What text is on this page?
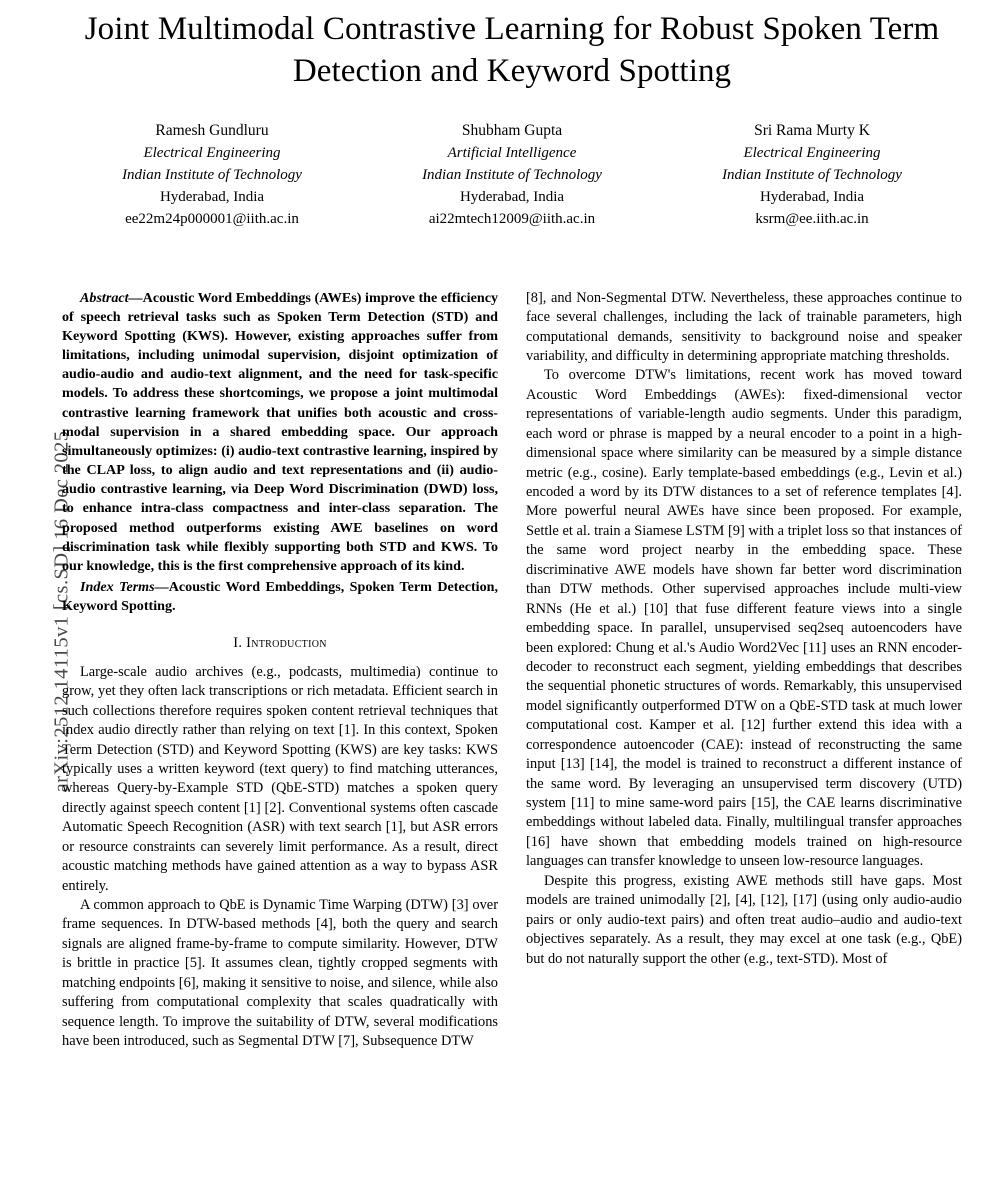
arXiv:2512.14115v1 [cs.SD] 16 Dec 2025
Joint Multimodal Contrastive Learning for Robust Spoken Term Detection and Keyword Spotting
Ramesh Gundluru
Electrical Engineering
Indian Institute of Technology
Hyderabad, India
ee22m24p000001@iith.ac.in
Shubham Gupta
Artificial Intelligence
Indian Institute of Technology
Hyderabad, India
ai22mtech12009@iith.ac.in
Sri Rama Murty K
Electrical Engineering
Indian Institute of Technology
Hyderabad, India
ksrm@ee.iith.ac.in
Abstract—Acoustic Word Embeddings (AWEs) improve the efficiency of speech retrieval tasks such as Spoken Term Detection (STD) and Keyword Spotting (KWS). However, existing approaches suffer from limitations, including unimodal supervision, disjoint optimization of audio-audio and audio-text alignment, and the need for task-specific models. To address these shortcomings, we propose a joint multimodal contrastive learning framework that unifies both acoustic and cross-modal supervision in a shared embedding space. Our approach simultaneously optimizes: (i) audio-text contrastive learning, inspired by the CLAP loss, to align audio and text representations and (ii) audio-audio contrastive learning, via Deep Word Discrimination (DWD) loss, to enhance intra-class compactness and inter-class separation. The proposed method outperforms existing AWE baselines on word discrimination task while flexibly supporting both STD and KWS. To our knowledge, this is the first comprehensive approach of its kind.
Index Terms—Acoustic Word Embeddings, Spoken Term Detection, Keyword Spotting.
I. Introduction

Large-scale audio archives (e.g., podcasts, multimedia) continue to grow, yet they often lack transcriptions or rich metadata. Efficient search in such collections therefore requires spoken content retrieval techniques that index audio directly rather than relying on text [1]. In this context, Spoken Term Detection (STD) and Keyword Spotting (KWS) are key tasks: KWS typically uses a written keyword (text query) to find matching utterances, whereas Query-by-Example STD (QbE-STD) matches a spoken query directly against speech content [1] [2]. Conventional systems often cascade Automatic Speech Recognition (ASR) with text search [1], but ASR errors or resource constraints can severely limit performance. As a result, direct acoustic matching methods have gained attention as a way to bypass ASR entirely.

A common approach to QbE is Dynamic Time Warping (DTW) [3] over frame sequences. In DTW-based methods [4], both the query and search signals are aligned frame-by-frame to compute similarity. However, DTW is brittle in practice [5]. It assumes clean, tightly cropped segments with matching endpoints [6], making it sensitive to noise, and silence, while also suffering from computational complexity that scales quadratically with sequence length. To improve the suitability of DTW, several modifications have been introduced, such as Segmental DTW [7], Subsequence DTW

[8], and Non-Segmental DTW. Nevertheless, these approaches continue to face several challenges, including the lack of trainable parameters, high computational demands, sensitivity to background noise and speaker variability, and difficulty in determining appropriate matching thresholds.

To overcome DTW's limitations, recent work has moved toward Acoustic Word Embeddings (AWEs): fixed-dimensional vector representations of variable-length audio segments. Under this paradigm, each word or phrase is mapped by a neural encoder to a point in a high-dimensional space where similarity can be measured by a simple distance metric (e.g., cosine). Early template-based embeddings (e.g., Levin et al.) encoded a word by its DTW distances to a set of reference templates [4]. More powerful neural AWEs have since been proposed. For example, Settle et al. train a Siamese LSTM [9] with a triplet loss so that instances of the same word project nearby in the embedding space. These discriminative AWE models have shown far better word discrimination than DTW methods. Other supervised approaches include multi-view RNNs (He et al.) [10] that fuse different feature views into a single embedding space. In parallel, unsupervised seq2seq autoencoders have been explored: Chung et al.'s Audio Word2Vec [11] uses an RNN encoder-decoder to reconstruct each segment, yielding embeddings that describes the sequential phonetic structures of words. Remarkably, this unsupervised model significantly outperformed DTW on a QbE-STD task at much lower computational cost. Kamper et al. [12] further extend this idea with a correspondence autoencoder (CAE): instead of reconstructing the same input [13] [14], the model is trained to reconstruct a different instance of the same word. By leveraging an unsupervised term discovery (UTD) system [11] to mine same-word pairs [15], the CAE learns discriminative embeddings without labeled data. Finally, multilingual transfer approaches [16] have shown that embedding models trained on high-resource languages can transfer knowledge to unseen low-resource languages.

Despite this progress, existing AWE methods still have gaps. Most models are trained unimodally [2], [4], [12], [17] (using only audio-audio pairs or only audio-text pairs) and often treat audio–audio and audio-text objectives separately. As a result, they may excel at one task (e.g., QbE) but do not naturally support the other (e.g., text-STD). Most of
